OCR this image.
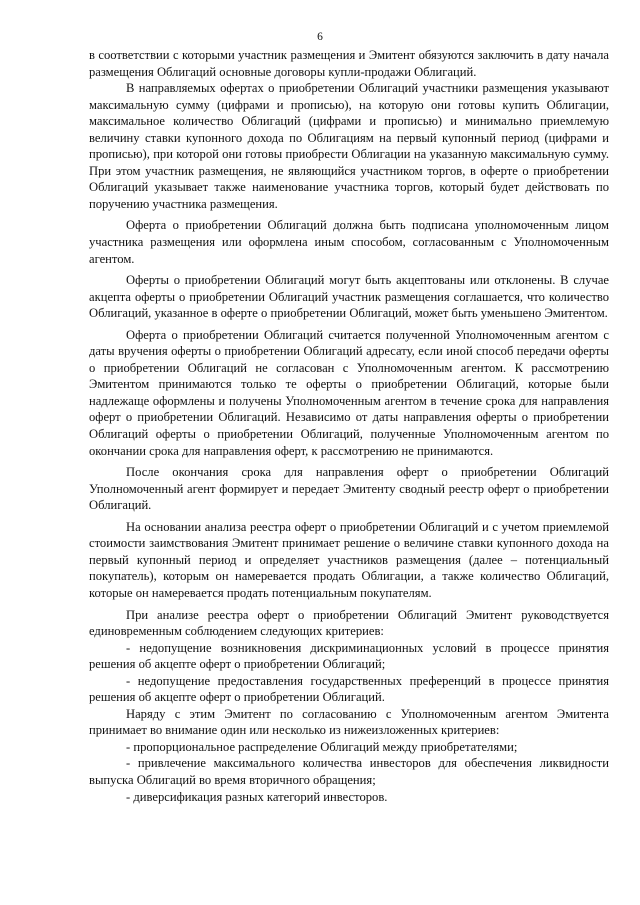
6

в соответствии с которыми участник размещения и Эмитент обязуются заключить в дату начала размещения Облигаций основные договоры купли-продажи Облигаций.

В направляемых офертах о приобретении Облигаций участники размещения указывают максимальную сумму (цифрами и прописью), на которую они готовы купить Облигации, максимальное количество Облигаций (цифрами и прописью) и минимально приемлемую величину ставки купонного дохода по Облигациям на первый купонный период (цифрами и прописью), при которой они готовы приобрести Облигации на указанную максимальную сумму. При этом участник размещения, не являющийся участником торгов, в оферте о приобретении Облигаций указывает также наименование участника торгов, который будет действовать по поручению участника размещения.

Оферта о приобретении Облигаций должна быть подписана уполномоченным лицом участника размещения или оформлена иным способом, согласованным с Уполномоченным агентом.

Оферты о приобретении Облигаций могут быть акцептованы или отклонены. В случае акцепта оферты о приобретении Облигаций участник размещения соглашается, что количество Облигаций, указанное в оферте о приобретении Облигаций, может быть уменьшено Эмитентом.

Оферта о приобретении Облигаций считается полученной Уполномоченным агентом с даты вручения оферты о приобретении Облигаций адресату, если иной способ передачи оферты о приобретении Облигаций не согласован с Уполномоченным агентом. К рассмотрению Эмитентом принимаются только те оферты о приобретении Облигаций, которые были надлежаще оформлены и получены Уполномоченным агентом в течение срока для направления оферт о приобретении Облигаций. Независимо от даты направления оферты о приобретении Облигаций оферты о приобретении Облигаций, полученные Уполномоченным агентом по окончании срока для направления оферт, к рассмотрению не принимаются.

После окончания срока для направления оферт о приобретении Облигаций Уполномоченный агент формирует и передает Эмитенту сводный реестр оферт о приобретении Облигаций.

На основании анализа реестра оферт о приобретении Облигаций и с учетом приемлемой стоимости заимствования Эмитент принимает решение о величине ставки купонного дохода на первый купонный период и определяет участников размещения (далее – потенциальный покупатель), которым он намеревается продать Облигации, а также количество Облигаций, которые он намеревается продать потенциальным покупателям.

При анализе реестра оферт о приобретении Облигаций Эмитент руководствуется единовременным соблюдением следующих критериев:

- недопущение возникновения дискриминационных условий в процессе принятия решения об акцепте оферт о приобретении Облигаций;

- недопущение предоставления государственных преференций в процессе принятия решения об акцепте оферт о приобретении Облигаций.

Наряду с этим Эмитент по согласованию с Уполномоченным агентом Эмитента принимает во внимание один или несколько из нижеизложенных критериев:

- пропорциональное распределение Облигаций между приобретателями;

- привлечение максимального количества инвесторов для обеспечения ликвидности выпуска Облигаций во время вторичного обращения;

- диверсификация разных категорий инвесторов.
